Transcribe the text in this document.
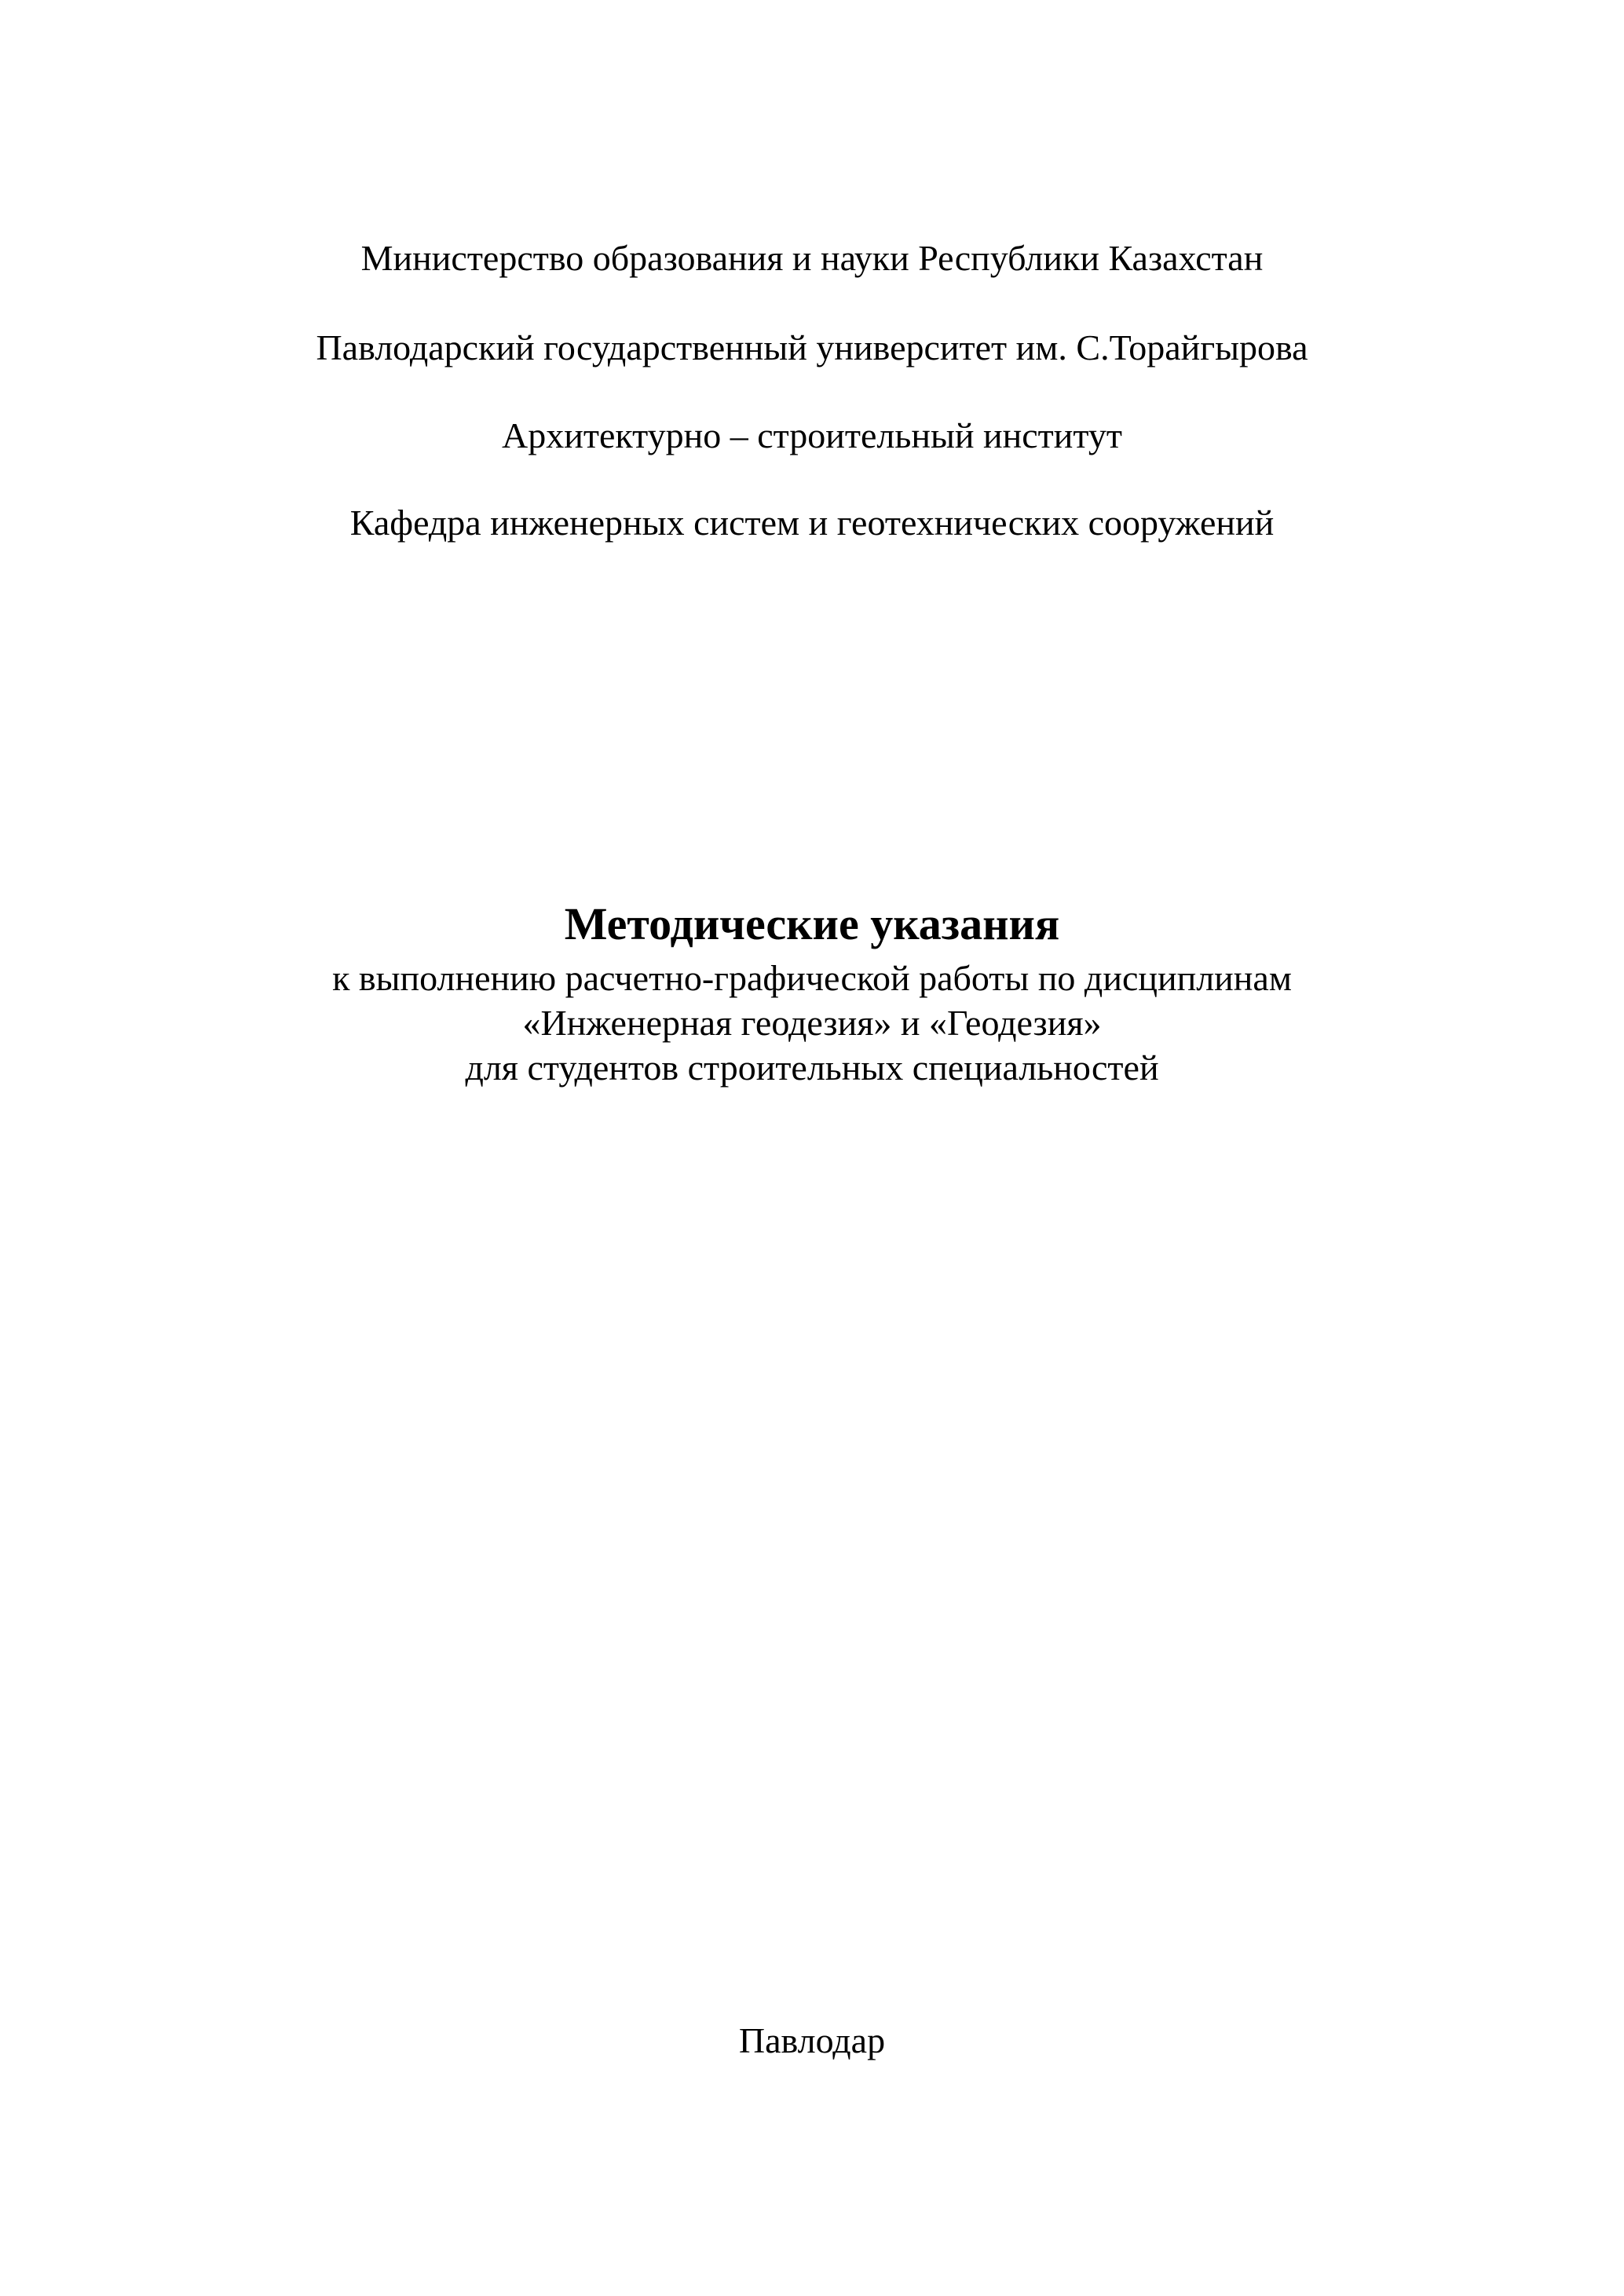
Министерство образования и науки Республики Казахстан
Павлодарский государственный университет им. С.Торайгырова
Архитектурно – строительный институт
Кафедра инженерных систем и геотехнических сооружений
Методические указания
к выполнению расчетно-графической работы по дисциплинам
«Инженерная геодезия» и «Геодезия»
для студентов строительных специальностей
Павлодар
